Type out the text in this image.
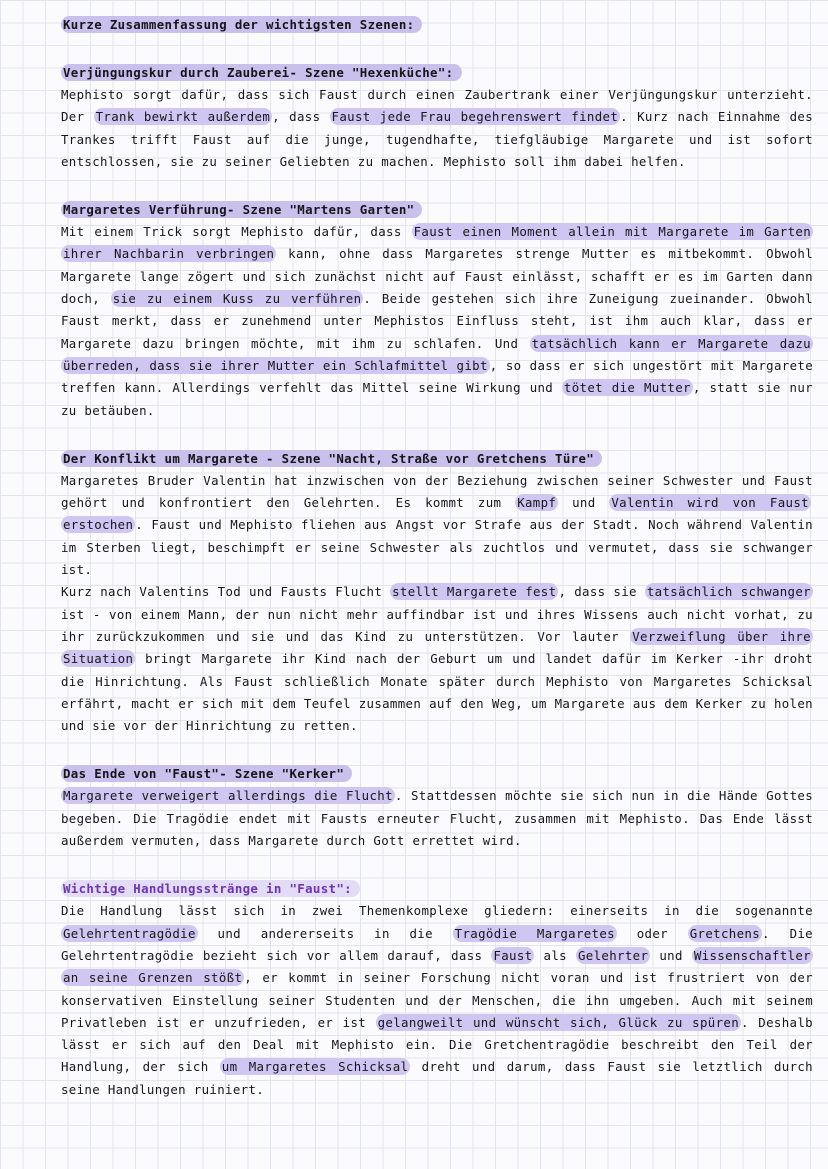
Kurze Zusammenfassung der wichtigsten Szenen:
Verjüngungskur durch Zauberei- Szene "Hexenküche":

Mephisto sorgt dafür, dass sich Faust durch einen Zaubertrank einer Verjüngungskur unterzieht. Der Trank bewirkt außerdem , dass Faust jede Frau begehrenswert findet . Kurz nach Einnahme des Trankes trifft Faust auf die junge, tugendhafte, tiefgläubige Margarete und ist sofort entschlossen, sie zu seiner Geliebten zu machen. Mephisto soll ihm dabei helfen.

Margaretes Verführung- Szene "Martens Garten"

Mit einem Trick sorgt Mephisto dafür, dass Faust einen Moment allein mit Margarete im Garten ihrer Nachbarin verbringen kann, ohne dass Margaretes strenge Mutter es mitbekommt. Obwohl Margarete lange zögert und sich zunächst nicht auf Faust einlässt, schafft er es im Garten dann doch, sie zu einem Kuss zu verführen . Beide gestehen sich ihre Zuneigung zueinander. Obwohl Faust merkt, dass er zunehmend unter Mephistos Einfluss steht, ist ihm auch klar, dass er Margarete dazu bringen möchte, mit ihm zu schlafen. Und tatsächlich kann er Margarete dazu überreden, dass sie ihrer Mutter ein Schlafmittel gibt , so dass er sich ungestört mit Margarete treffen kann. Allerdings verfehlt das Mittel seine Wirkung und tötet die Mutter , statt sie nur zu betäuben.

Der Konflikt um Margarete - Szene "Nacht, Straße vor Gretchens Türe"

Margaretes Bruder Valentin hat inzwischen von der Beziehung zwischen seiner Schwester und Faust gehört und konfrontiert den Gelehrten. Es kommt zum Kampf und Valentin wird von Faust erstochen . Faust und Mephisto fliehen aus Angst vor Strafe aus der Stadt. Noch während Valentin im Sterben liegt, beschimpft er seine Schwester als zuchtlos und vermutet, dass sie schwanger ist.

Kurz nach Valentins Tod und Fausts Flucht stellt Margarete fest , dass sie tatsächlich schwanger ist - von einem Mann, der nun nicht mehr auffindbar ist und ihres Wissens auch nicht vorhat, zu ihr zurückzukommen und sie und das Kind zu unterstützen. Vor lauter Verzweiflung über ihre Situation bringt Margarete ihr Kind nach der Geburt um und landet dafür im Kerker -ihr droht die Hinrichtung. Als Faust schließlich Monate später durch Mephisto von Margaretes Schicksal erfährt, macht er sich mit dem Teufel zusammen auf den Weg, um Margarete aus dem Kerker zu holen und sie vor der Hinrichtung zu retten.

Das Ende von "Faust"- Szene "Kerker"

Margarete verweigert allerdings die Flucht . Stattdessen möchte sie sich nun in die Hände Gottes begeben. Die Tragödie endet mit Fausts erneuter Flucht, zusammen mit Mephisto. Das Ende lässt außerdem vermuten, dass Margarete durch Gott errettet wird.

Wichtige Handlungsstränge in "Faust":

Die Handlung lässt sich in zwei Themenkomplexe gliedern: einerseits in die sogenannte Gelehrtentragödie und andererseits in die Tragödie Margaretes oder Gretchens . Die Gelehrtentragödie bezieht sich vor allem darauf, dass Faust als Gelehrter und Wissenschaftler an seine Grenzen stößt , er kommt in seiner Forschung nicht voran und ist frustriert von der konservativen Einstellung seiner Studenten und der Menschen, die ihn umgeben. Auch mit seinem Privatleben ist er unzufrieden, er ist gelangweilt und wünscht sich, Glück zu spüren . Deshalb lässt er sich auf den Deal mit Mephisto ein. Die Gretchentragödie beschreibt den Teil der Handlung, der sich um Margaretes Schicksal dreht und darum, dass Faust sie letztlich durch seine Handlungen ruiniert.
